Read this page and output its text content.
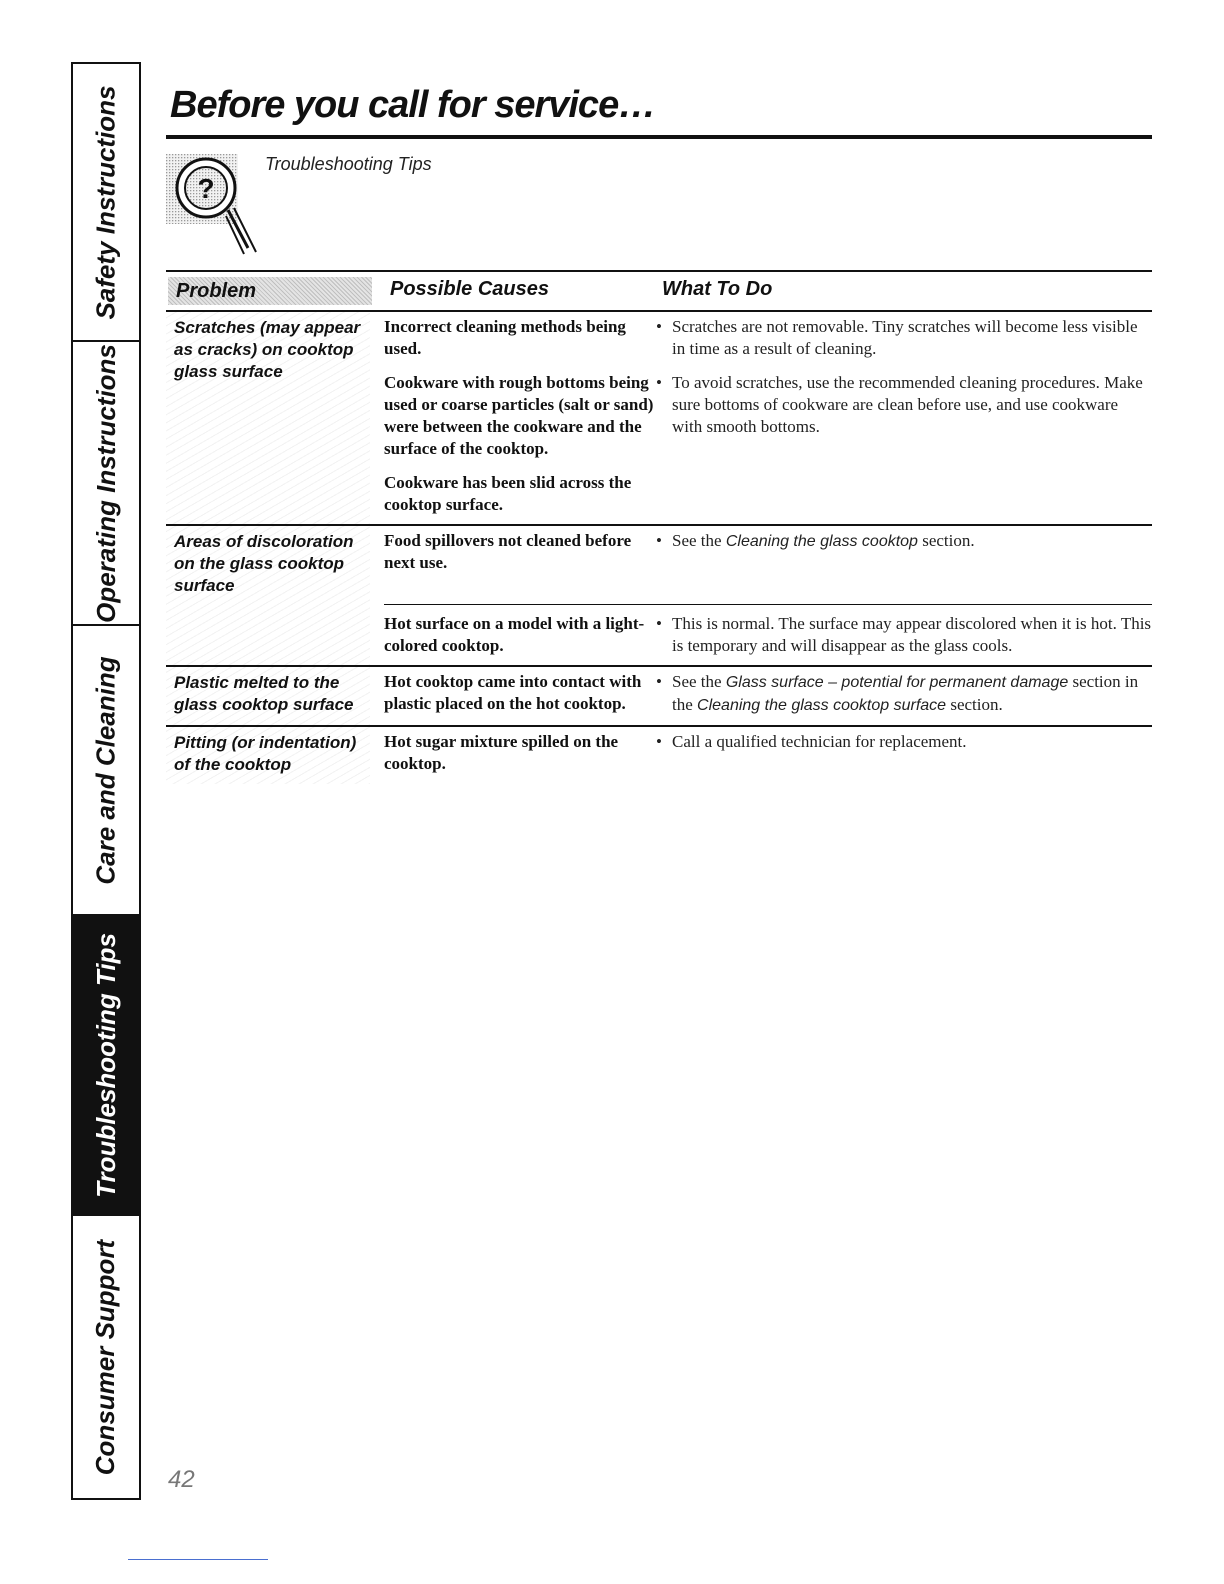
Safety Instructions
Operating Instructions
Care and Cleaning
Troubleshooting Tips
Consumer Support
Before you call for service…
?
Troubleshooting Tips
Problem	Possible Causes	What To Do
Scratches (may appear as cracks) on cooktop glass surface
Incorrect cleaning methods being used.
• Scratches are not removable. Tiny scratches will become less visible in time as a result of cleaning.
Cookware with rough bottoms being used or coarse particles (salt or sand) were between the cookware and the surface of the cooktop.
• To avoid scratches, use the recommended cleaning procedures. Make sure bottoms of cookware are clean before use, and use cookware with smooth bottoms.
Cookware has been slid across the cooktop surface.
Areas of discoloration on the glass cooktop surface
Food spillovers not cleaned before next use.
• See the Cleaning the glass cooktop section.
Hot surface on a model with a light-colored cooktop.
• This is normal. The surface may appear discolored when it is hot. This is temporary and will disappear as the glass cools.
Plastic melted to the glass cooktop surface
Hot cooktop came into contact with plastic placed on the hot cooktop.
• See the Glass surface – potential for permanent damage section in the Cleaning the glass cooktop surface section.
Pitting (or indentation) of the cooktop
Hot sugar mixture spilled on the cooktop.
• Call a qualified technician for replacement.
42
